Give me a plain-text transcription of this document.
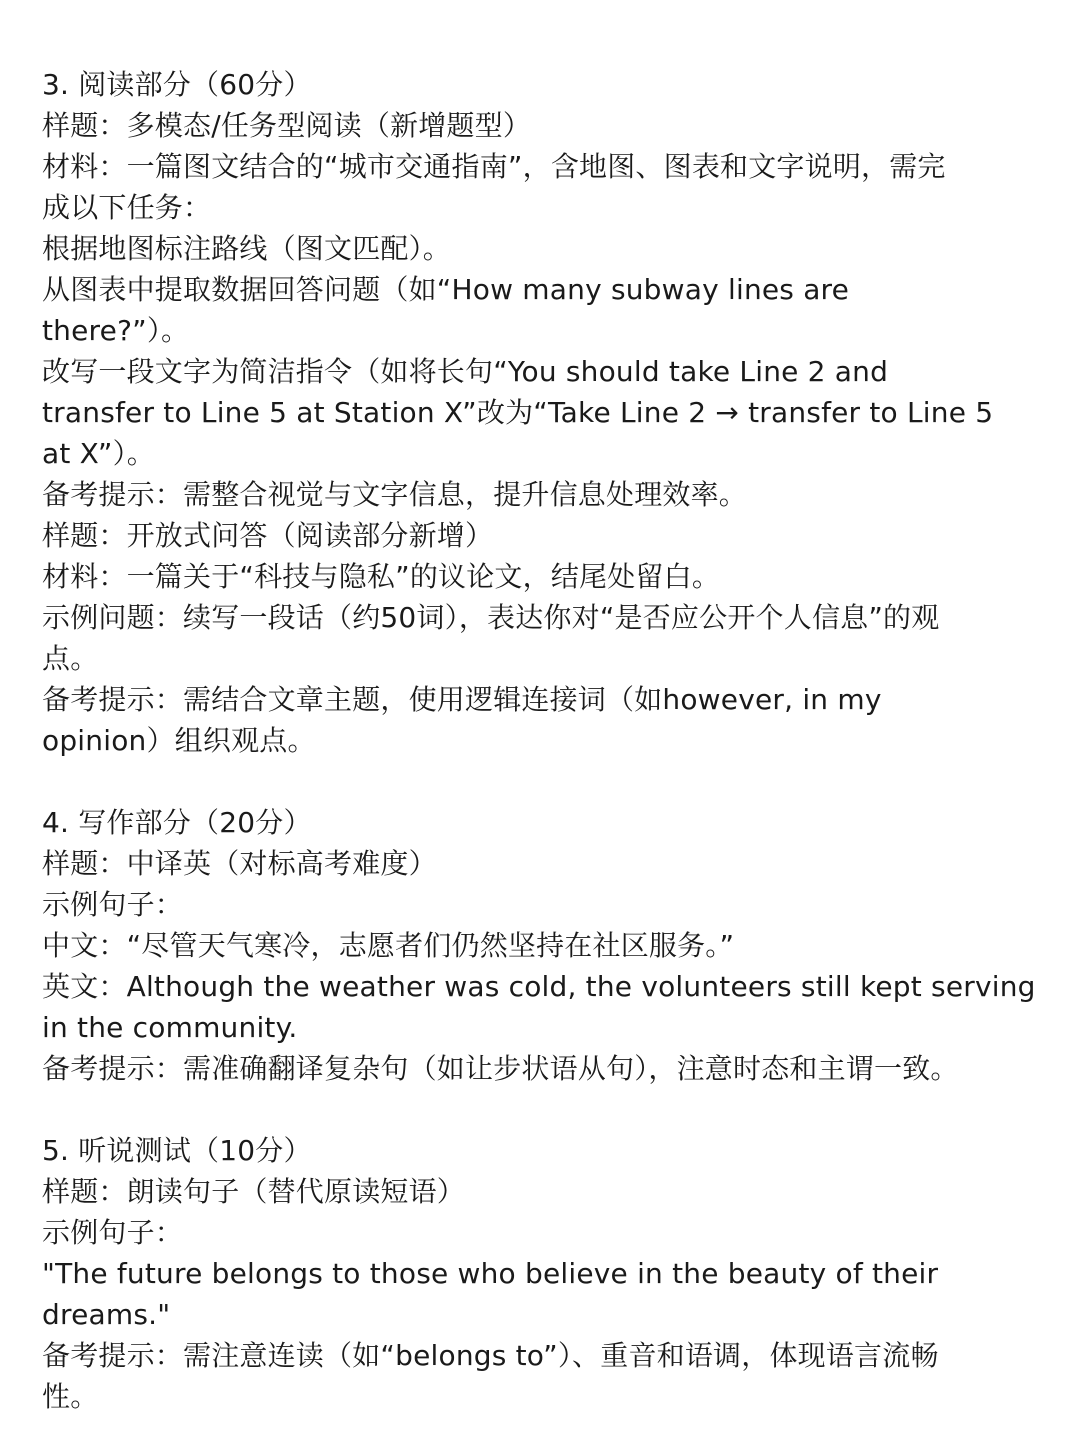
3. 阅读部分（60分）

样题：多模态/任务型阅读（新增题型）

材料：一篇图文结合的“城市交通指南”，含地图、图表和文字说明，需完

成以下任务：

根据地图标注路线（图文匹配）。

从图表中提取数据回答问题（如“How many subway lines are

there?”）。

改写一段文字为简洁指令（如将长句“You should take Line 2 and

transfer to Line 5 at Station X”改为“Take Line 2 → transfer to Line 5

at X”）。

备考提示：需整合视觉与文字信息，提升信息处理效率。

样题：开放式问答（阅读部分新增）

材料：一篇关于“科技与隐私”的议论文，结尾处留白。

示例问题：续写一段话（约50词），表达你对“是否应公开个人信息”的观

点。

备考提示：需结合文章主题，使用逻辑连接词（如however, in my

opinion）组织观点。

4. 写作部分（20分）

样题：中译英（对标高考难度）

示例句子：

中文：“尽管天气寒冷，志愿者们仍然坚持在社区服务。”

英文：Although the weather was cold, the volunteers still kept serving

in the community.

备考提示：需准确翻译复杂句（如让步状语从句），注意时态和主谓一致。

5. 听说测试（10分）

样题：朗读句子（替代原读短语）

示例句子：

"The future belongs to those who believe in the beauty of their

dreams."

备考提示：需注意连读（如“belongs to”）、重音和语调，体现语言流畅

性。
